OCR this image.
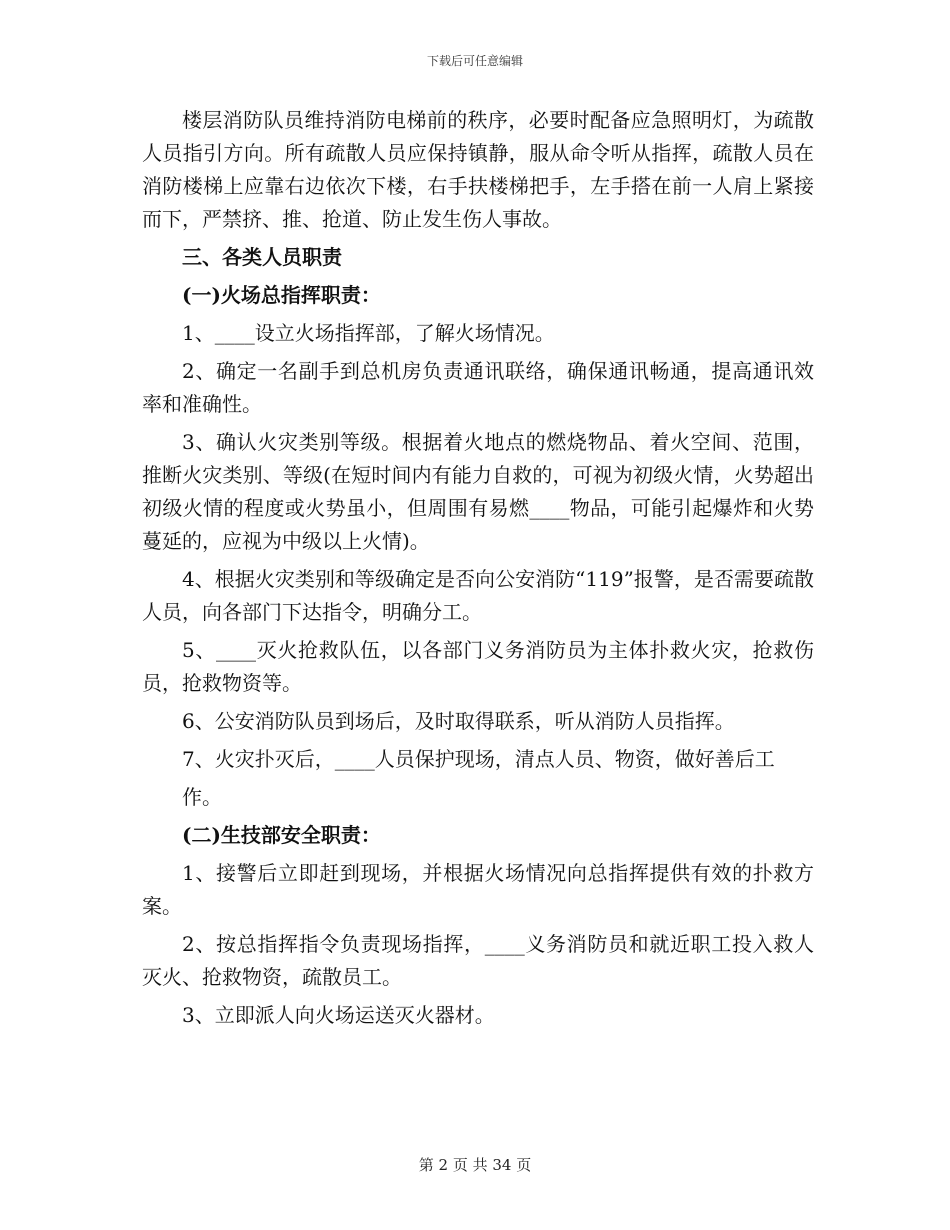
下载后可任意编辑

楼层消防队员维持消防电梯前的秩序，必要时配备应急照明灯，为疏散人员指引方向。所有疏散人员应保持镇静，服从命令听从指挥，疏散人员在消防楼梯上应靠右边依次下楼，右手扶楼梯把手，左手搭在前一人肩上紧接而下，严禁挤、推、抢道、防止发生伤人事故。

三、各类人员职责

(一)火场总指挥职责：

1、____设立火场指挥部，了解火场情况。

2、确定一名副手到总机房负责通讯联络，确保通讯畅通，提高通讯效率和准确性。

3、确认火灾类别等级。根据着火地点的燃烧物品、着火空间、范围，推断火灾类别、等级(在短时间内有能力自救的，可视为初级火情，火势超出初级火情的程度或火势虽小，但周围有易燃____物品，可能引起爆炸和火势蔓延的，应视为中级以上火情)。

4、根据火灾类别和等级确定是否向公安消防“119”报警，是否需要疏散人员，向各部门下达指令，明确分工。

5、____灭火抢救队伍，以各部门义务消防员为主体扑救火灾，抢救伤员，抢救物资等。

6、公安消防队员到场后，及时取得联系，听从消防人员指挥。

7、火灾扑灭后，____人员保护现场，清点人员、物资，做好善后工

作。

(二)生技部安全职责：

1、接警后立即赶到现场，并根据火场情况向总指挥提供有效的扑救方案。

2、按总指挥指令负责现场指挥，____义务消防员和就近职工投入救人灭火、抢救物资，疏散员工。

3、立即派人向火场运送灭火器材。

第 2 页 共 34 页
